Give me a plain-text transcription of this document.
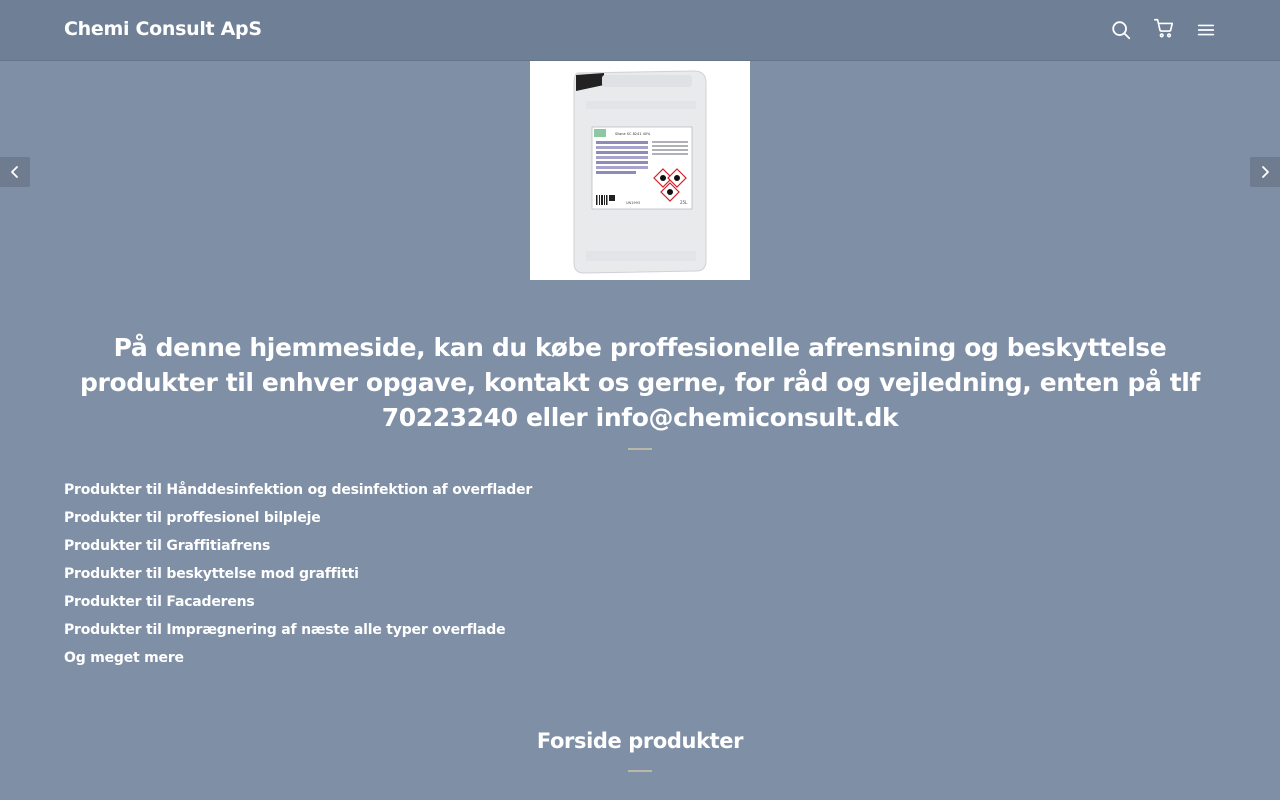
Chemi Consult ApS
25L
UN1993
Silane SC 8241 40%
På denne hjemmeside, kan du købe proffesionelle afrensning og beskyttelse produkter til enhver opgave, kontakt os gerne, for råd og vejledning, enten på tlf 70223240 eller info@chemiconsult.dk
Produkter til Hånddesinfektion og desinfektion af overflader
Produkter til proffesionel bilpleje
Produkter til Graffitiafrens
Produkter til beskyttelse mod graffitti
Produkter til Facaderens
Produkter til Imprægnering af næste alle typer overflade
Og meget mere
Forside produkter
